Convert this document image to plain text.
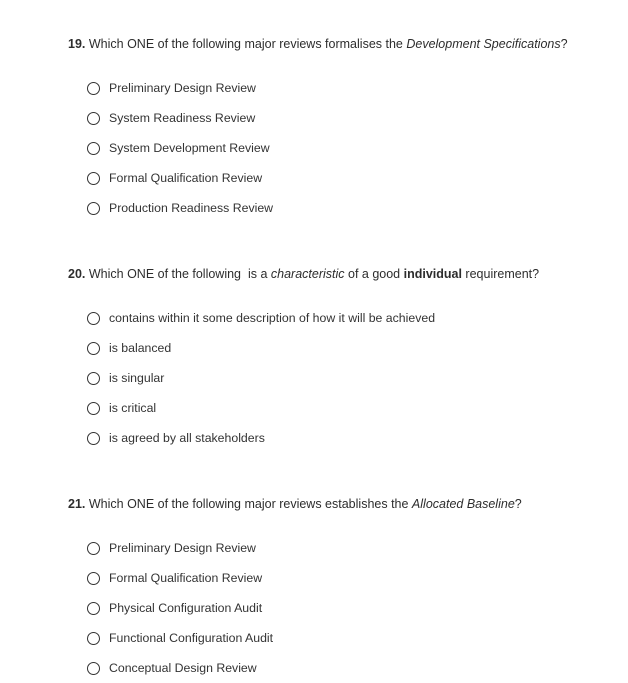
19. Which ONE of the following major reviews formalises the Development Specifications?

Preliminary Design Review
System Readiness Review
System Development Review
Formal Qualification Review
Production Readiness Review

20. Which ONE of the following  is a characteristic of a good individual requirement?

contains within it some description of how it will be achieved
is balanced
is singular
is critical
is agreed by all stakeholders

21. Which ONE of the following major reviews establishes the Allocated Baseline?

Preliminary Design Review
Formal Qualification Review
Physical Configuration Audit
Functional Configuration Audit
Conceptual Design Review
